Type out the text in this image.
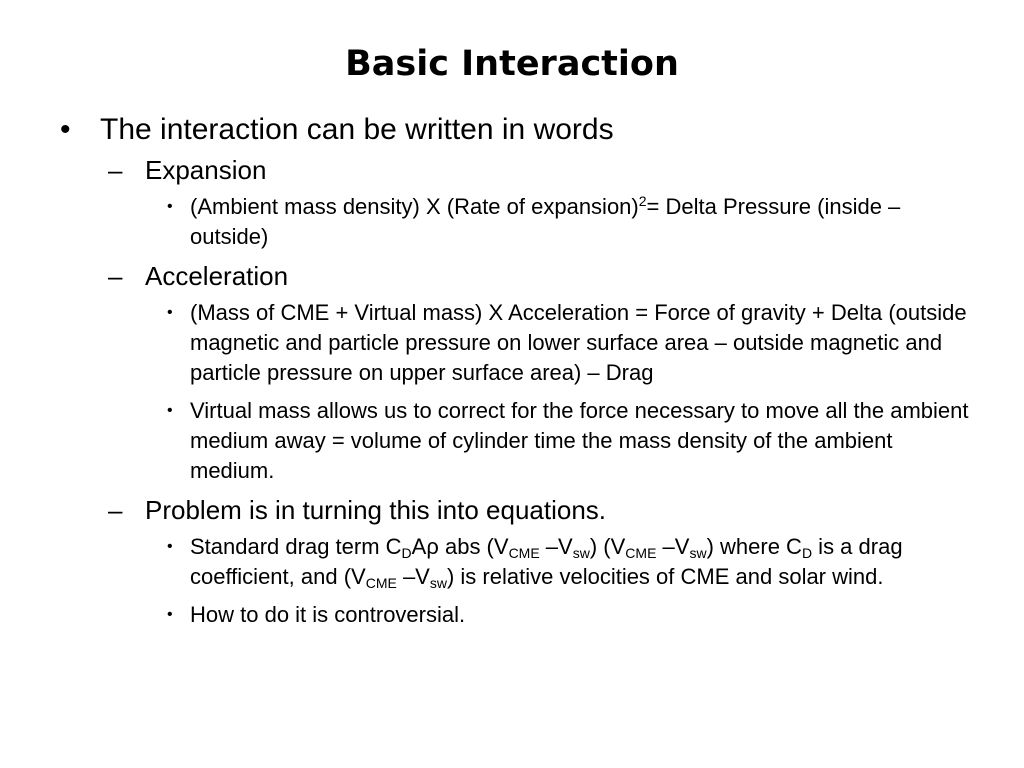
Basic Interaction
• The interaction can be written in words
– Expansion
• (Ambient mass density) X (Rate of expansion)$^2$= Delta Pressure (inside – outside)
– Acceleration
• (Mass of CME + Virtual mass) X Acceleration = Force of gravity + Delta (outside magnetic and particle pressure on lower surface area – outside magnetic and particle pressure on upper surface area) – Drag
• Virtual mass allows us to correct for the force necessary to move all the ambient medium away = volume of cylinder time the mass density of the ambient medium.
– Problem is in turning this into equations.
• Standard drag term $C_DA\rho$ abs ($V_{CME}$ $-V_{sw}$) ($V_{CME}$ $-V_{sw}$) where $C_D$ is a drag coefficient, and ($V_{CME}$ $-V_{sw}$) is relative velocities of CME and solar wind.
• How to do it is controversial.
